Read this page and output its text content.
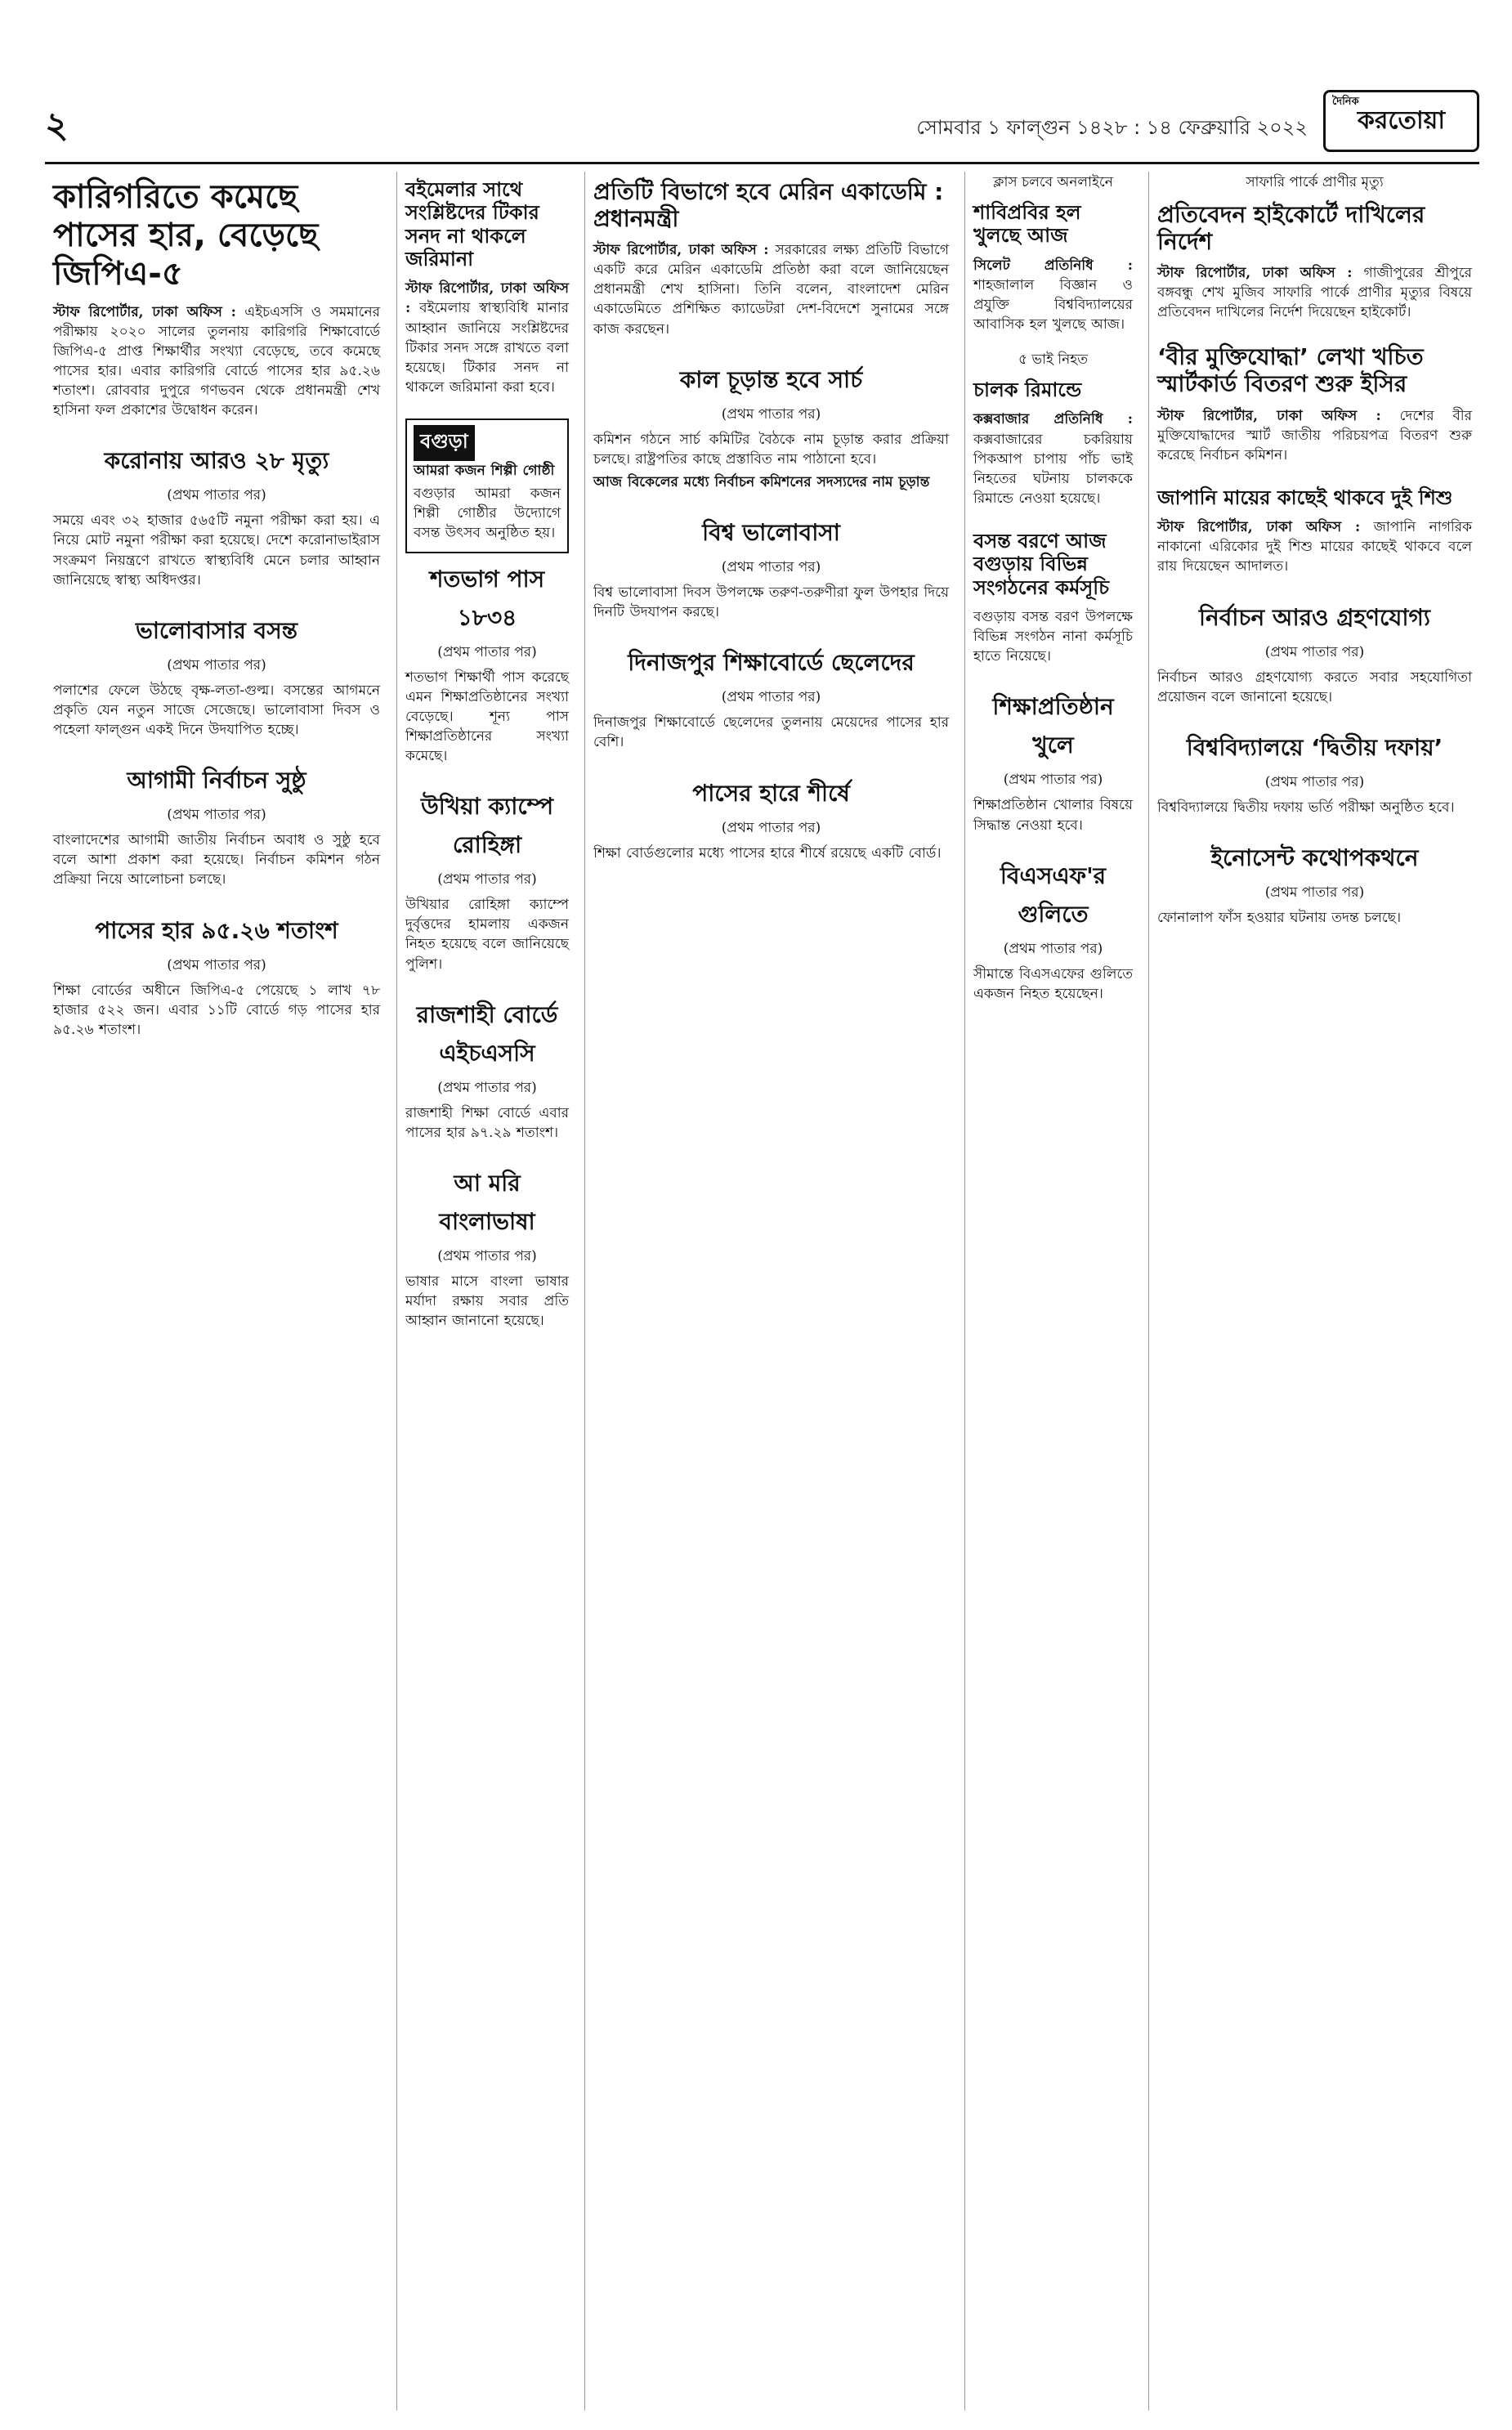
২	সোমবার ১ ফাল্গুন ১৪২৮ : ১৪ ফেব্রুয়ারি ২০২২
দৈনিক
করতোয়া
কারিগরিতে কমেছে পাসের হার, বেড়েছে জিপিএ-৫

স্টাফ রিপোর্টার, ঢাকা অফিস : এইচএসসি ও সমমানের পরীক্ষায় ২০২০ সালের তুলনায় কারিগরি শিক্ষাবোর্ডে জিপিএ-৫ প্রাপ্ত শিক্ষার্থীর সংখ্যা বেড়েছে, তবে কমেছে পাসের হার। এবার কারিগরি বোর্ডে পাসের হার ৯৫.২৬ শতাংশ। রোববার দুপুরে গণভবন থেকে প্রধানমন্ত্রী শেখ হাসিনা ফল প্রকাশের উদ্বোধন করেন।

করোনায় আরও ২৮ মৃত্যু
(প্রথম পাতার পর)

সময়ে এবং ৩২ হাজার ৫৬৫টি নমুনা পরীক্ষা করা হয়। এ নিয়ে মোট নমুনা পরীক্ষা করা হয়েছে। দেশে করোনাভাইরাস সংক্রমণ নিয়ন্ত্রণে রাখতে স্বাস্থ্যবিধি মেনে চলার আহ্বান জানিয়েছে স্বাস্থ্য অধিদপ্তর।

ভালোবাসার বসন্ত
(প্রথম পাতার পর)

পলাশের ফেলে উঠছে বৃক্ষ-লতা-গুল্ম। বসন্তের আগমনে প্রকৃতি যেন নতুন সাজে সেজেছে। ভালোবাসা দিবস ও পহেলা ফাল্গুন একই দিনে উদযাপিত হচ্ছে।

আগামী নির্বাচন সুষ্ঠু
(প্রথম পাতার পর)

বাংলাদেশের আগামী জাতীয় নির্বাচন অবাধ ও সুষ্ঠু হবে বলে আশা প্রকাশ করা হয়েছে। নির্বাচন কমিশন গঠন প্রক্রিয়া নিয়ে আলোচনা চলছে।

পাসের হার ৯৫.২৬ শতাংশ
(প্রথম পাতার পর)

শিক্ষা বোর্ডের অধীনে জিপিএ-৫ পেয়েছে ১ লাখ ৭৮ হাজার ৫২২ জন। এবার ১১টি বোর্ডে গড় পাসের হার ৯৫.২৬ শতাংশ।

বইমেলার সাথে সংশ্লিষ্টদের টিকার সনদ না থাকলে জরিমানা

স্টাফ রিপোর্টার, ঢাকা অফিস : বইমেলায় স্বাস্থ্যবিধি মানার আহ্বান জানিয়ে সংশ্লিষ্টদের টিকার সনদ সঙ্গে রাখতে বলা হয়েছে। টিকার সনদ না থাকলে জরিমানা করা হবে।

বগুড়া

আমরা কজন শিল্পী গোষ্ঠী

বগুড়ার আমরা কজন শিল্পী গোষ্ঠীর উদ্যোগে বসন্ত উৎসব অনুষ্ঠিত হয়।

শতভাগ পাস ১৮৩৪
(প্রথম পাতার পর)

শতভাগ শিক্ষার্থী পাস করেছে এমন শিক্ষাপ্রতিষ্ঠানের সংখ্যা বেড়েছে। শূন্য পাস শিক্ষাপ্রতিষ্ঠানের সংখ্যা কমেছে।

উখিয়া ক্যাম্পে রোহিঙ্গা
(প্রথম পাতার পর)

উখিয়ার রোহিঙ্গা ক্যাম্পে দুর্বৃত্তদের হামলায় একজন নিহত হয়েছে বলে জানিয়েছে পুলিশ।

রাজশাহী বোর্ডে এইচএসসি
(প্রথম পাতার পর)

রাজশাহী শিক্ষা বোর্ডে এবার পাসের হার ৯৭.২৯ শতাংশ।

আ মরি বাংলাভাষা
(প্রথম পাতার পর)

ভাষার মাসে বাংলা ভাষার মর্যাদা রক্ষায় সবার প্রতি আহ্বান জানানো হয়েছে।

প্রতিটি বিভাগে হবে মেরিন একাডেমি : প্রধানমন্ত্রী

স্টাফ রিপোর্টার, ঢাকা অফিস : সরকারের লক্ষ্য প্রতিটি বিভাগে একটি করে মেরিন একাডেমি প্রতিষ্ঠা করা বলে জানিয়েছেন প্রধানমন্ত্রী শেখ হাসিনা। তিনি বলেন, বাংলাদেশ মেরিন একাডেমিতে প্রশিক্ষিত ক্যাডেটরা দেশ-বিদেশে সুনামের সঙ্গে কাজ করছেন।

কাল চূড়ান্ত হবে সার্চ
(প্রথম পাতার পর)

কমিশন গঠনে সার্চ কমিটির বৈঠকে নাম চূড়ান্ত করার প্রক্রিয়া চলছে। রাষ্ট্রপতির কাছে প্রস্তাবিত নাম পাঠানো হবে।

আজ বিকেলের মধ্যে নির্বাচন কমিশনের সদস্যদের নাম চূড়ান্ত

বিশ্ব ভালোবাসা
(প্রথম পাতার পর)

বিশ্ব ভালোবাসা দিবস উপলক্ষে তরুণ-তরুণীরা ফুল উপহার দিয়ে দিনটি উদযাপন করছে।

দিনাজপুর শিক্ষাবোর্ডে ছেলেদের
(প্রথম পাতার পর)

দিনাজপুর শিক্ষাবোর্ডে ছেলেদের তুলনায় মেয়েদের পাসের হার বেশি।

পাসের হারে শীর্ষে
(প্রথম পাতার পর)

শিক্ষা বোর্ডগুলোর মধ্যে পাসের হারে শীর্ষে রয়েছে একটি বোর্ড।

ক্লাস চলবে অনলাইনে
শাবিপ্রবির হল খুলছে আজ

সিলেট প্রতিনিধি : শাহজালাল বিজ্ঞান ও প্রযুক্তি বিশ্ববিদ্যালয়ের আবাসিক হল খুলছে আজ।

৫ ভাই নিহত
চালক রিমান্ডে

কক্সবাজার প্রতিনিধি : কক্সবাজারের চকরিয়ায় পিকআপ চাপায় পাঁচ ভাই নিহতের ঘটনায় চালককে রিমান্ডে নেওয়া হয়েছে।

বসন্ত বরণে আজ বগুড়ায় বিভিন্ন সংগঠনের কর্মসূচি

বগুড়ায় বসন্ত বরণ উপলক্ষে বিভিন্ন সংগঠন নানা কর্মসূচি হাতে নিয়েছে।

শিক্ষাপ্রতিষ্ঠান খুলে
(প্রথম পাতার পর)

শিক্ষাপ্রতিষ্ঠান খোলার বিষয়ে সিদ্ধান্ত নেওয়া হবে।

বিএসএফ'র গুলিতে
(প্রথম পাতার পর)

সীমান্তে বিএসএফের গুলিতে একজন নিহত হয়েছেন।

সাফারি পার্কে প্রাণীর মৃত্যু
প্রতিবেদন হাইকোর্টে দাখিলের নির্দেশ

স্টাফ রিপোর্টার, ঢাকা অফিস : গাজীপুরের শ্রীপুরে বঙ্গবন্ধু শেখ মুজিব সাফারি পার্কে প্রাণীর মৃত্যুর বিষয়ে প্রতিবেদন দাখিলের নির্দেশ দিয়েছেন হাইকোর্ট।

‘বীর মুক্তিযোদ্ধা’ লেখা খচিত স্মার্টকার্ড বিতরণ শুরু ইসির

স্টাফ রিপোর্টার, ঢাকা অফিস : দেশের বীর মুক্তিযোদ্ধাদের স্মার্ট জাতীয় পরিচয়পত্র বিতরণ শুরু করেছে নির্বাচন কমিশন।

জাপানি মায়ের কাছেই থাকবে দুই শিশু

স্টাফ রিপোর্টার, ঢাকা অফিস : জাপানি নাগরিক নাকানো এরিকোর দুই শিশু মায়ের কাছেই থাকবে বলে রায় দিয়েছেন আদালত।

নির্বাচন আরও গ্রহণযোগ্য
(প্রথম পাতার পর)

নির্বাচন আরও গ্রহণযোগ্য করতে সবার সহযোগিতা প্রয়োজন বলে জানানো হয়েছে।

বিশ্ববিদ্যালয়ে ‘দ্বিতীয় দফায়’
(প্রথম পাতার পর)

বিশ্ববিদ্যালয়ে দ্বিতীয় দফায় ভর্তি পরীক্ষা অনুষ্ঠিত হবে।

ইনোসেন্ট কথোপকথনে
(প্রথম পাতার পর)

ফোনালাপ ফাঁস হওয়ার ঘটনায় তদন্ত চলছে।
